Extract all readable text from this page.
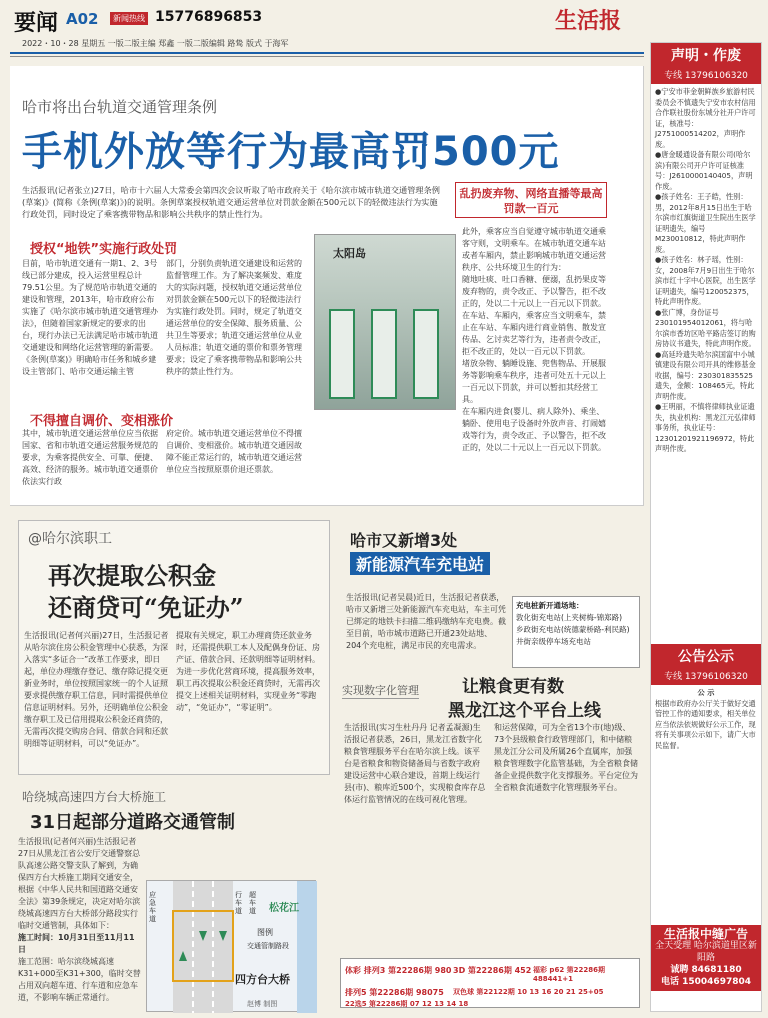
要闻 A02	新闻热线 15776896853	生活报
2022・10・28 星期五 一版二版主编 郑鑫 一版二版编辑 路鸷 版式 于海军
哈市将出台轨道交通管理条例
手机外放等行为最高罚500元
生活报讯(记者张立)27日，哈市十六届人大常委会第四次会议听取了哈市政府关于《哈尔滨市城市轨道交通管理条例(草案)》(简称《条例(草案)》)的说明。条例草案授权轨道交通运营单位对罚款金额在500元以下的轻微违法行为实施行政处罚，同时设定了乘客携带物品和影响公共秩序的禁止性行为。
乱扔废弃物、网络直播等最高罚款一百元
授权“地铁”实施行政处罚

目前，哈市轨道交通有一期1、2、3号线已部分建成，投入运营里程总计79.51公里。为了规范哈市轨道交通的建设和管理，2013年，哈市政府公布实施了《哈尔滨市城市轨道交通管理办法》，但随着国家新规定的要求的出台，现行办法已无法满足哈市城市轨道交通建设和网络化运营管理的新需要。

《条例(草案)》明确哈市任务和城乡建设主管部门、哈市交通运输主管

部门，分别负责轨道交通建设和运营的监督管理工作。为了解决案频发、难度大的实际问题，授权轨道交通运营单位对罚款金额在500元以下的轻微违法行为实施行政处罚。同时，规定了轨道交通运营单位的安全保障、服务质量、公共卫生等要求；轨道交通运营单位从业人员标准；轨道交通的票价和票务管理要求；设定了乘客携带物品和影响公共秩序的禁止性行为。
太阳岛
不得擅自调价、变相涨价
其中，城市轨道交通运营单位应当依据国家、省和市轨道交通运营服务规范的要求，为乘客提供安全、可靠、便捷、高效、经济的服务。城市轨道交通票价依法实行政
府定价。城市轨道交通运营单位不得擅自调价、变相涨价。城市轨道交通因故障不能正常运行的，城市轨道交通运营单位应当按照原票价退还票款。

此外，乘客应当自觉遵守城市轨道交通乘客守则，文明乘车。在城市轨道交通车站或者车厢内，禁止影响城市轨道交通运营秩序、公共环境卫生的行为：

随地吐痰、吐口香糖、便溺，乱扔果皮等废弃物的，责令改正、予以警告，拒不改正的，处以二十元以上一百元以下罚款。

在车站、车厢内，乘客应当文明乘车，禁止在车站、车厢内进行商业销售、散发宣传品、乞讨卖艺等行为，违者责令改正，拒不改正的，处以一百元以下罚款。

堵放杂物、躺睡设施、兜售物品、开展服务等影响乘车秩序，违者可处五十元以上一百元以下罚款，并可以暂扣其经营工具。

在车厢内进食(婴儿、病人除外)、乘坐、躺卧、使用电子设备时外放声音、打闹嬉戏等行为，责令改正、予以警告，拒不改正的，处以二十元以上一百元以下罚款。

@哈尔滨职工
再次提取公积金
还商贷可“免证办”
生活报讯(记者何兴丽)27日，生活报记者从哈尔滨住房公积金管理中心获悉，为深入落实“多证合一”改革工作要求，即日起，单位办理缴存登记、缴存除记提交更新业务时，单位按照国家统一的个人证照要求提供缴存职工信息，同时需提供单位信息证明材料。另外，还明确单位公积金缴存职工及已信用提取公积金还商贷的，无需再次提交购房合同、借款合同和还款明细等证明材料，可以“免证办”。
提取有关规定，职工办理商贷还款业务时，还需提供职工本人及配偶身份证、房产证、借款合同、还款明细等证明材料。为进一步优化营商环境，提高服务效率，职工再次提取公积金还商贷时，无需再次提交上述相关证明材料，实现业务“零跑动”，“免证办”，“零证明”。
哈市又新增3处
新能源汽车充电站
生活报讯(记者吴晨)近日，生活报记者获悉，哈市又新增三处新能源汽车充电站，车主可凭已绑定的地铁卡扫描二维码缴纳车充电费。截至目前，哈市城市道路已开通23处站地、204个充电桩，满足市民的充电需求。
充电桩新开通场地：
敦化街充电站(上夹树梅-锦郑路)
乡政街充电站(统德蒙桥路-利民路)
井街亲级停车场充电站
实现数字化管理	让粮食更有数
黑龙江这个平台上线
生活报讯(实习生杜丹丹 记者孟凝源)生活报记者获悉，26日，黑龙江省数字化粮食管理服务平台在哈尔滨上线。该平台是省粮食和物资储备局与省数字政府建设运营中心联合建设，首期上线运行县(市)、粮库近500个，实现粮食库存总体运行监管情况的在线可视化管理。
和运营保障，可为全省13个市(地)级、73个县级粮食行政管理部门，和中储粮黑龙江分公司及所属26个直属库，加强粮食管理数字化监管基础，为全省粮食储备企业提供数字化支撑服务。平台定位为全省粮食流通数字化管理服务平台。
哈绕城高速四方台大桥施工
31日起部分道路交通管制

生活报讯(记者何兴丽)生活报记者27日从黑龙江省公安厅交通警察总队高速公路交警支队了解到，为确保四方台大桥施工期间交通安全，根据《中华人民共和国道路交通安全法》第39条规定，决定对哈尔滨绕城高速四方台大桥部分路段实行临时交通管制，具体如下：

施工时间：10月31日至11月11日

施工范围：哈尔滨绕城高速K31+000至K31+300，临时交替占用双向超车道、行车道和应急车道，不影响车辆正常通行。

松花江
四方台大桥
应急车道
行车道
超车道
图例
交通管制路段
赵博 制图
体彩 排列3 第22286期 980
排列5 第22286期 98075
3D 第22286期 452
双色球 第22122期 10 13 16 20 21 25+05
福彩 p62 第22286期 488441+1
22选5 第22286期 07 12 13 14 18
声明・作废
专线 13796106320

●宁安市菲金朝鲜族乡旅游村民委员会不慎遗失宁安市农村信用合作联社股份东城分社开户许可证，核准号：J2751000514202，声明作废。

●唐金暖通设备有限公司(哈尔滨)有限公司开户许可证核准号：J2610000140405，声明作废。

●孩子姓名：王子皓，性别：男，2012年8月15日出生于哈尔滨市红旗街道卫生院出生医学证明遗失，编号M230010812，特此声明作废。

●孩子姓名：林子瑶，性别：女，2008年7月9日出生于哈尔滨市红十字中心医院，出生医学证明遗失，编号120052375，特此声明作废。

●张广博，身份证号230101954012061，将与哈尔滨市香坊区哈平路店签订的购房协议书遗失，特此声明作废。

●高延玲遗失哈尔滨国富中小城镇建设有限公司开具的维修基金收据，编号：230301835525遗失，金额：108465元，特此声明作废。

●王明丽，不慎将律师执业证遗失，执业机构：黑龙江元弘律师事务所，执业证号：12301201921196972，特此声明作废。

公告公示
专线 13796106320

公 示

根据市政府办公厅关于做好交通管控工作的通知要求，相关单位应当依法依规做好公示工作，现将有关事项公示如下，请广大市民监督。

生活报中缝广告
全天受理 哈尔滨道里区新阳路
诚聘 84681180
电话 15004697804
